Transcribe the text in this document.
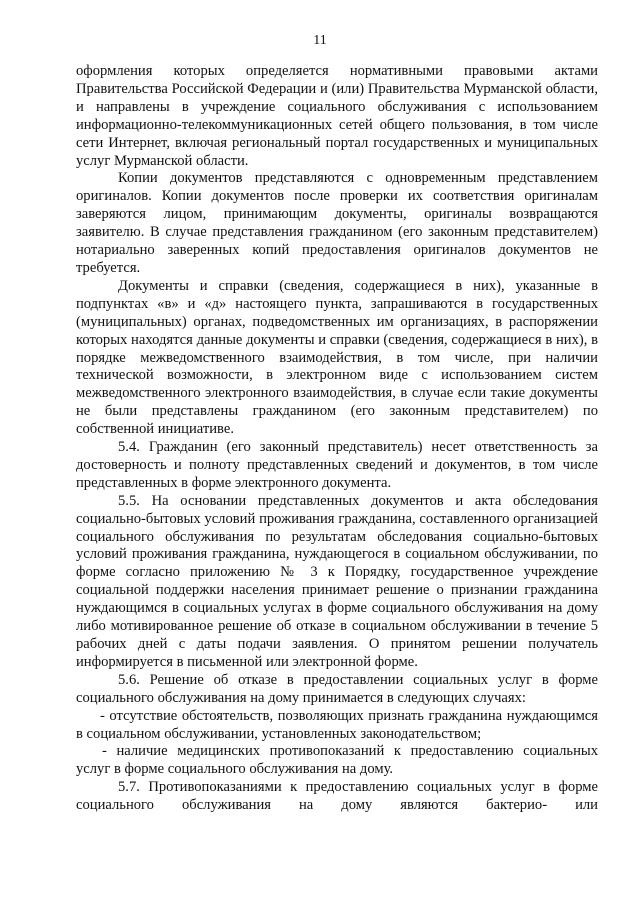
11

оформления которых определяется нормативными правовыми актами Правительства Российской Федерации и (или) Правительства Мурманской области, и направлены в учреждение социального обслуживания с использованием информационно-телекоммуникационных сетей общего пользования, в том числе сети Интернет, включая региональный портал государственных и муниципальных услуг Мурманской области.

Копии документов представляются с одновременным представлением оригиналов. Копии документов после проверки их соответствия оригиналам заверяются лицом, принимающим документы, оригиналы возвращаются заявителю. В случае представления гражданином (его законным представителем) нотариально заверенных копий предоставления оригиналов документов не требуется.

Документы и справки (сведения, содержащиеся в них), указанные в подпунктах «в» и «д» настоящего пункта, запрашиваются в государственных (муниципальных) органах, подведомственных им организациях, в распоряжении которых находятся данные документы и справки (сведения, содержащиеся в них), в порядке межведомственного взаимодействия, в том числе, при наличии технической возможности, в электронном виде с использованием систем межведомственного электронного взаимодействия, в случае если такие документы не были представлены гражданином (его законным представителем) по собственной инициативе.

5.4. Гражданин (его законный представитель) несет ответственность за достоверность и полноту представленных сведений и документов, в том числе представленных в форме электронного документа.

5.5. На основании представленных документов и акта обследования социально-бытовых условий проживания гражданина, составленного организацией социального обслуживания по результатам обследования социально-бытовых условий проживания гражданина, нуждающегося в социальном обслуживании, по форме согласно приложению № 3 к Порядку, государственное учреждение социальной поддержки населения принимает решение о признании гражданина нуждающимся в социальных услугах в форме социального обслуживания на дому либо мотивированное решение об отказе в социальном обслуживании в течение 5 рабочих дней с даты подачи заявления. О принятом решении получатель информируется в письменной или электронной форме.

5.6. Решение об отказе в предоставлении социальных услуг в форме социального обслуживания на дому принимается в следующих случаях:

- отсутствие обстоятельств, позволяющих признать гражданина нуждающимся в социальном обслуживании, установленных законодательством;

- наличие медицинских противопоказаний к предоставлению социальных услуг в форме социального обслуживания на дому.

5.7. Противопоказаниями к предоставлению социальных услуг в форме социального обслуживания на дому являются бактерио- или
